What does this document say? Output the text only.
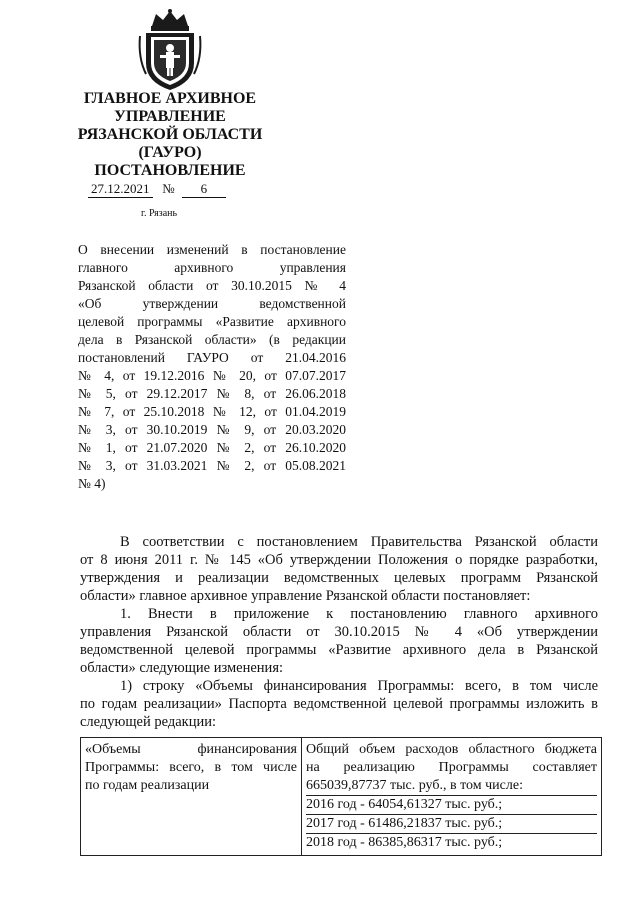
ГЛАВНОЕ АРХИВНОЕ
УПРАВЛЕНИЕ
РЯЗАНСКОЙ ОБЛАСТИ
(ГАУРО)
ПОСТАНОВЛЕНИЕ
27.12.2021 № 6
г. Рязань
О внесении изменений в постановление
главного архивного управления
Рязанской области от 30.10.2015 № 4
«Об утверждении ведомственной
целевой программы «Развитие архивного
дела в Рязанской области» (в редакции
постановлений ГАУРО от 21.04.2016
№ 4, от 19.12.2016 № 20, от 07.07.2017
№ 5, от 29.12.2017 № 8, от 26.06.2018
№ 7, от 25.10.2018 № 12, от 01.04.2019
№ 3, от 30.10.2019 № 9, от 20.03.2020
№ 1, от 21.07.2020 № 2, от 26.10.2020
№ 3, от 31.03.2021 № 2, от 05.08.2021
№ 4)
В соответствии с постановлением Правительства Рязанской области
от 8 июня 2011 г. № 145 «Об утверждении Положения о порядке разработки,
утверждения и реализации ведомственных целевых программ Рязанской
области» главное архивное управление Рязанской области постановляет:
1. Внести в приложение к постановлению главного архивного
управления Рязанской области от 30.10.2015 № 4 «Об утверждении
ведомственной целевой программы «Развитие архивного дела в Рязанской
области» следующие изменения:
1) строку «Объемы финансирования Программы: всего, в том числе
по годам реализации» Паспорта ведомственной целевой программы изложить в
следующей редакции:
«Объемы финансирования
Программы: всего, в том числе
по годам реализации

Общий объем расходов областного бюджета
на реализацию Программы составляет
665039,87737 тыс. руб., в том числе:
2016 год - 64054,61327 тыс. руб.;
2017 год - 61486,21837 тыс. руб.;
2018 год - 86385,86317 тыс. руб.;
